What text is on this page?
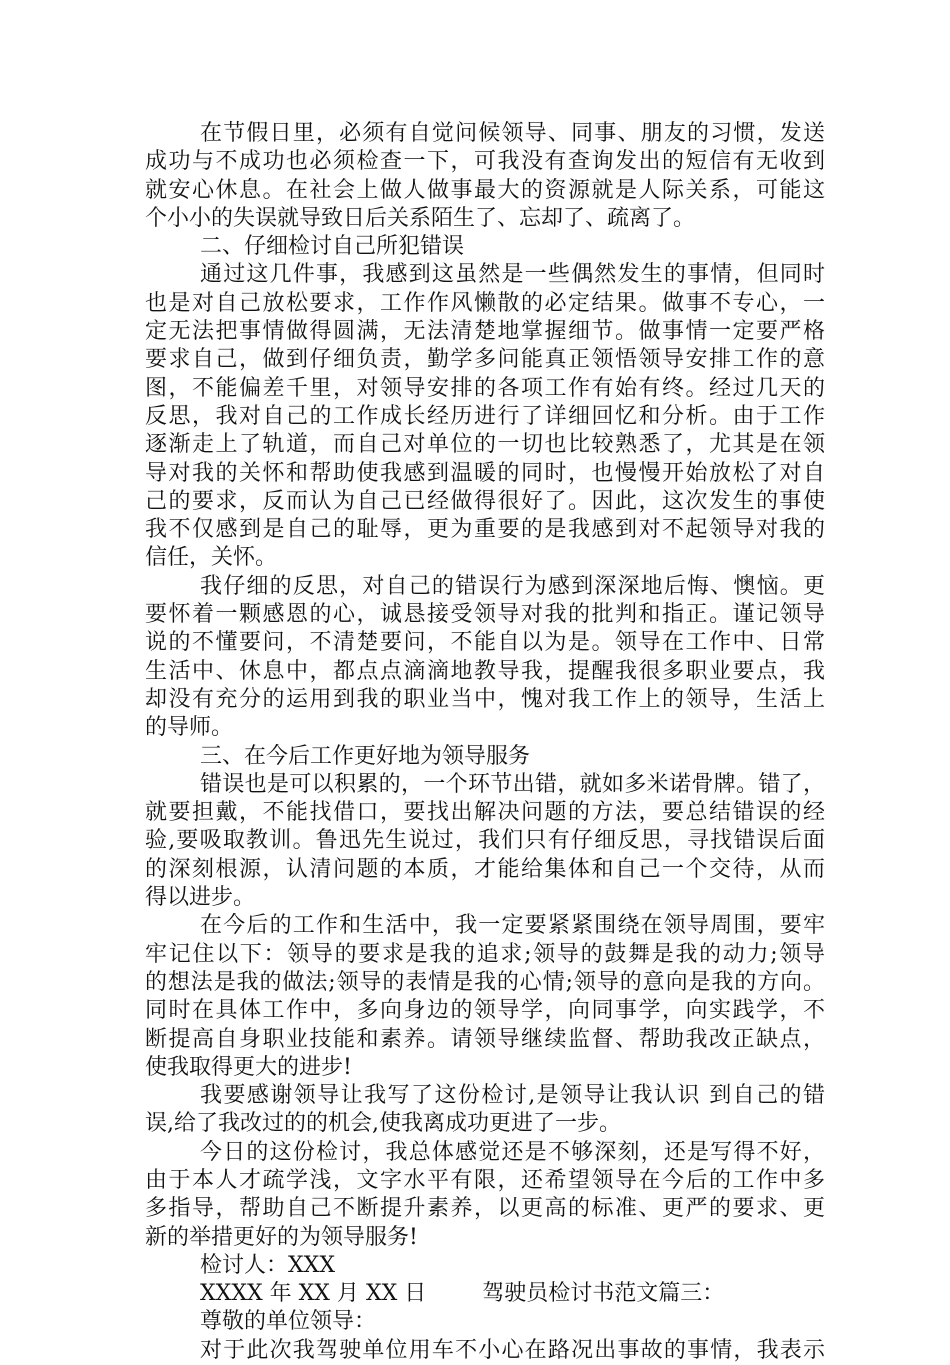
在节假日里，必须有自觉问候领导、同事、朋友的习惯，发送
成功与不成功也必须检查一下，可我没有查询发出的短信有无收到
就安心休息。在社会上做人做事最大的资源就是人际关系，可能这
个小小的失误就导致日后关系陌生了、忘却了、疏离了。
二、仔细检讨自己所犯错误
通过这几件事，我感到这虽然是一些偶然发生的事情，但同时
也是对自己放松要求，工作作风懒散的必定结果。做事不专心，一
定无法把事情做得圆满，无法清楚地掌握细节。做事情一定要严格
要求自己，做到仔细负责，勤学多问能真正领悟领导安排工作的意
图，不能偏差千里，对领导安排的各项工作有始有终。经过几天的
反思，我对自己的工作成长经历进行了详细回忆和分析。由于工作
逐渐走上了轨道，而自己对单位的一切也比较熟悉了，尤其是在领
导对我的关怀和帮助使我感到温暖的同时，也慢慢开始放松了对自
己的要求，反而认为自己已经做得很好了。因此，这次发生的事使
我不仅感到是自己的耻辱，更为重要的是我感到对不起领导对我的
信任，关怀。
我仔细的反思，对自己的错误行为感到深深地后悔、懊恼。更
要怀着一颗感恩的心，诚恳接受领导对我的批判和指正。谨记领导
说的不懂要问，不清楚要问，不能自以为是。领导在工作中、日常
生活中、休息中，都点点滴滴地教导我，提醒我很多职业要点，我
却没有充分的运用到我的职业当中，愧对我工作上的领导，生活上
的导师。
三、在今后工作更好地为领导服务
错误也是可以积累的，一个环节出错，就如多米诺骨牌。错了，
就要担戴，不能找借口，要找出解决问题的方法，要总结错误的经
验,要吸取教训。鲁迅先生说过，我们只有仔细反思，寻找错误后面
的深刻根源，认清问题的本质，才能给集体和自己一个交待，从而
得以进步。
在今后的工作和生活中，我一定要紧紧围绕在领导周围，要牢
牢记住以下：领导的要求是我的追求;领导的鼓舞是我的动力;领导
的想法是我的做法;领导的表情是我的心情;领导的意向是我的方向。
同时在具体工作中，多向身边的领导学，向同事学，向实践学，不
断提高自身职业技能和素养。请领导继续监督、帮助我改正缺点，
使我取得更大的进步!
我要感谢领导让我写了这份检讨,是领导让我认识 到自己的错
误,给了我改过的的机会,使我离成功更进了一步。
今日的这份检讨，我总体感觉还是不够深刻，还是写得不好，
由于本人才疏学浅，文字水平有限，还希望领导在今后的工作中多
多指导，帮助自己不断提升素养，以更高的标准、更严的要求、更
新的举措更好的为领导服务!
检讨人：XXX
XXXX 年 XX 月 XX 日        驾驶员检讨书范文篇三：
尊敬的单位领导：
对于此次我驾驶单位用车不小心在路况出事故的事情，我表示
